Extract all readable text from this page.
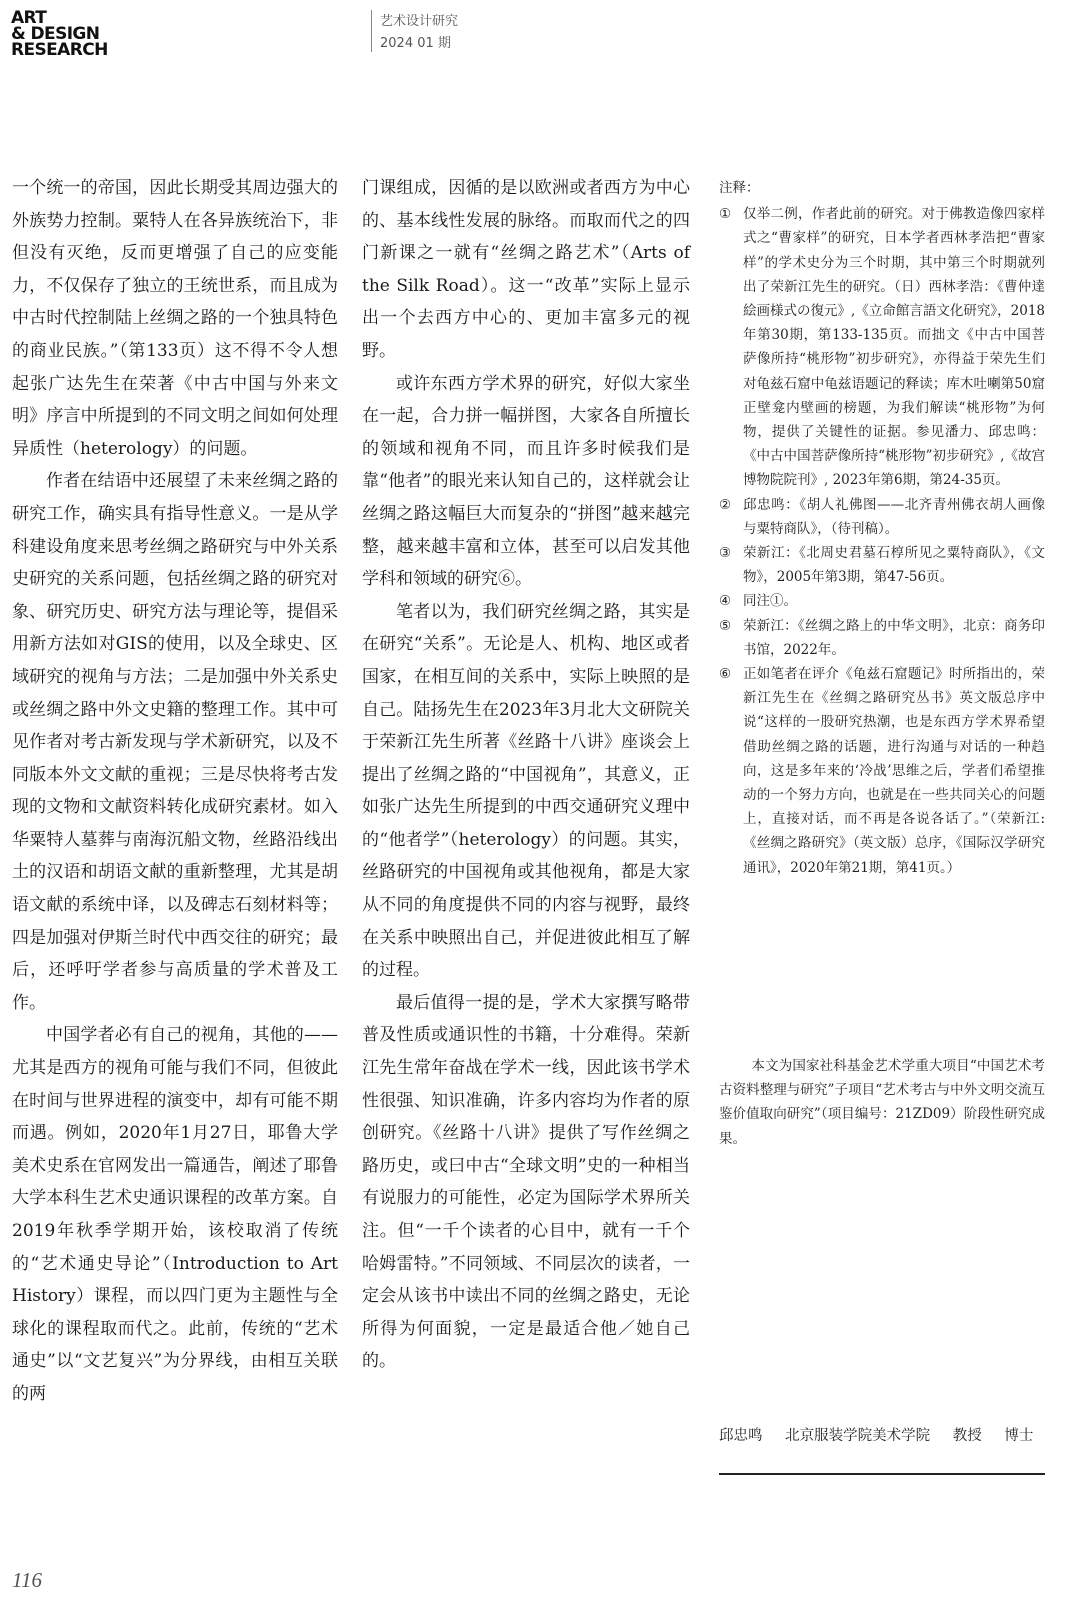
ART
& DESIGN
RESEARCH
艺术设计研究
2024 01 期

一个统一的帝国，因此长期受其周边强大的外族势力控制。粟特人在各异族统治下，非但没有灭绝，反而更增强了自己的应变能力，不仅保存了独立的王统世系，而且成为中古时代控制陆上丝绸之路的一个独具特色的商业民族。”（第133页）这不得不令人想起张广达先生在荣著《中古中国与外来文明》序言中所提到的不同文明之间如何处理异质性（heterology）的问题。

作者在结语中还展望了未来丝绸之路的研究工作，确实具有指导性意义。一是从学科建设角度来思考丝绸之路研究与中外关系史研究的关系问题，包括丝绸之路的研究对象、研究历史、研究方法与理论等，提倡采用新方法如对GIS的使用，以及全球史、区域研究的视角与方法；二是加强中外关系史或丝绸之路中外文史籍的整理工作。其中可见作者对考古新发现与学术新研究，以及不同版本外文文献的重视；三是尽快将考古发现的文物和文献资料转化成研究素材。如入华粟特人墓葬与南海沉船文物，丝路沿线出土的汉语和胡语文献的重新整理，尤其是胡语文献的系统中译，以及碑志石刻材料等；四是加强对伊斯兰时代中西交往的研究；最后，还呼吁学者参与高质量的学术普及工作。

中国学者必有自己的视角，其他的——尤其是西方的视角可能与我们不同，但彼此在时间与世界进程的演变中，却有可能不期而遇。例如，2020年1月27日，耶鲁大学美术史系在官网发出一篇通告，阐述了耶鲁大学本科生艺术史通识课程的改革方案。自2019年秋季学期开始，该校取消了传统的“艺术通史导论”（Introduction to Art History）课程，而以四门更为主题性与全球化的课程取而代之。此前，传统的“艺术通史”以“文艺复兴”为分界线，由相互关联的两

门课组成，因循的是以欧洲或者西方为中心的、基本线性发展的脉络。而取而代之的四门新课之一就有“丝绸之路艺术”（Arts of the Silk Road）。这一“改革”实际上显示出一个去西方中心的、更加丰富多元的视野。

或许东西方学术界的研究，好似大家坐在一起，合力拼一幅拼图，大家各自所擅长的领域和视角不同，而且许多时候我们是靠“他者”的眼光来认知自己的，这样就会让丝绸之路这幅巨大而复杂的“拼图”越来越完整，越来越丰富和立体，甚至可以启发其他学科和领域的研究⑥。

笔者以为，我们研究丝绸之路，其实是在研究“关系”。无论是人、机构、地区或者国家，在相互间的关系中，实际上映照的是自己。陆扬先生在2023年3月北大文研院关于荣新江先生所著《丝路十八讲》座谈会上提出了丝绸之路的“中国视角”，其意义，正如张广达先生所提到的中西交通研究义理中的“他者学”（heterology）的问题。其实，丝路研究的中国视角或其他视角，都是大家从不同的角度提供不同的内容与视野，最终在关系中映照出自己，并促进彼此相互了解的过程。

最后值得一提的是，学术大家撰写略带普及性质或通识性的书籍，十分难得。荣新江先生常年奋战在学术一线，因此该书学术性很强、知识准确，许多内容均为作者的原创研究。《丝路十八讲》提供了写作丝绸之路历史，或曰中古“全球文明”史的一种相当有说服力的可能性，必定为国际学术界所关注。但“一千个读者的心目中，就有一千个哈姆雷特。”不同领域、不同层次的读者，一定会从该书中读出不同的丝绸之路史，无论所得为何面貌，一定是最适合他／她自己的。

注释：
① 仅举二例，作者此前的研究。对于佛教造像四家样式之“曹家样”的研究，日本学者西林孝浩把“曹家样”的学术史分为三个时期，其中第三个时期就列出了荣新江先生的研究。（日）西林孝浩：《曹仲達絵画様式の復元》,《立命館言語文化研究》，2018年第30期，第133-135页。而拙文《中古中国菩萨像所持“桃形物”初步研究》，亦得益于荣先生们对龟兹石窟中龟兹语题记的释读；库木吐喇第50窟正壁龛内壁画的榜题，为我们解读“桃形物”为何物，提供了关键性的证据。参见潘力、邱忠鸣：《中古中国菩萨像所持“桃形物”初步研究》,《故宫博物院院刊》, 2023年第6期，第24-35页。
② 邱忠鸣：《胡人礼佛图——北齐青州佛衣胡人画像与粟特商队》，（待刊稿）。
③ 荣新江：《北周史君墓石椁所见之粟特商队》，《文物》，2005年第3期，第47-56页。
④ 同注①。
⑤ 荣新江：《丝绸之路上的中华文明》，北京：商务印书馆，2022年。
⑥ 正如笔者在评介《龟兹石窟题记》时所指出的，荣新江先生在《丝绸之路研究丛书》英文版总序中说“这样的一股研究热潮，也是东西方学术界希望借助丝绸之路的话题，进行沟通与对话的一种趋向，这是多年来的‘冷战’思维之后，学者们希望推动的一个努力方向，也就是在一些共同关心的问题上，直接对话，而不再是各说各话了。”（荣新江:《丝绸之路研究》（英文版）总序，《国际汉学研究通讯》，2020年第21期，第41页。）
本文为国家社科基金艺术学重大项目“中国艺术考古资料整理与研究”子项目“艺术考古与中外文明交流互鉴价值取向研究”（项目编号：21ZD09）阶段性研究成果。
邱忠鸣 北京服装学院美术学院 教授 博士
116
